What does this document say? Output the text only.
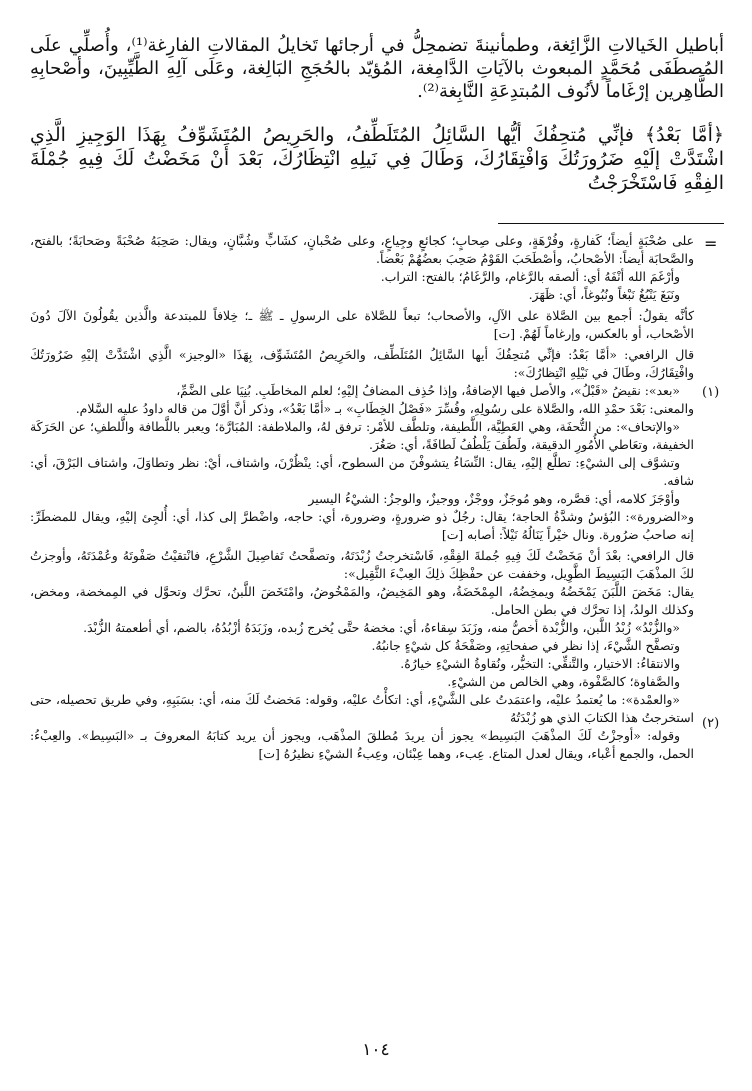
أباطيل الخَيالاتِ الزَّائِغة، وطمأنينةَ تضمحِلُّ في أرجائها تَخايلُ المقالاتِ الفارِغة⁽¹⁾، وأُصلِّي علَى المُصطَفَى مُحَمَّدٍ المبعوث بالآيَاتِ الدَّامِغة، المُؤيّد بالحُجَجِ البَالِغة، وعَلَى آلِهِ الطَّيِّبِينَ، وأصْحابِهِ الطَّاهِرين إرْغَاماً لأنُوف المُبتدِعَةِ النَّابِغة⁽²⁾.

﴿أمَّا بَعْدُ﴾ فإنِّي مُتحِفُكَ أيُّها السَّائِلُ المُتَلَطِّفُ، والحَرِيصُ المُتَشَوِّفُ بِهَذَا الوَجِيزِ الَّذِي اشْتَدَّتْ إلَيْهِ ضَرُورَتُكَ وَافْتِقَارُكَ، وَطَالَ فِي نَيلِهِ انْتِظَارُكَ، بَعْدَ أَنْ مَخَضْتُ لَكَ فِيهِ جُمْلَةَ الفِقْهِ فَاسْتَخْرَجْتُ

=
(١)
(٢)

على صُحْبَةٍ أيضاً؛ كَفارةٍ، وفُرْهَةٍ، وعلى صِحابٍ؛ كجائعٍ وجِياعٍ، وعلى صُحْبانٍ، كشَابٍّ وشُبَّانٍ، ويقال: صَحِبَهُ صُحْبَةً وصَحابَةً؛ بالفتح، والصَّحابَة أيضاً: الأصْحابُ، وأصْطَحَبَ القَوْمُ صَحِبَ بعضُهُمْ بَعْضاً.

وأرْغَمَ الله أنْفَهُ أي: ألصقه بالرَّغام، والرَّغَامُ؛ بالفتح: التراب.

ونَبَغَ يَنْبُغُ نَبْغاً ونُبُوغاً، أي: ظَهَرَ.

كأنَّه يقولُ: أجمع بين الصَّلاة على الآلِ، والأصحاب؛ تبعاً للصَّلاة على الرسولِ ـ ﷺ ـ؛ خِلافاً للمبتدعة والَّذين يقُولُونَ الآلَ دُونَ الأصْحاب، أو بالعكس، وإرغاماً لَهُمْ. [ت]

قال الرافعي: «أمَّا بَعْدُ: فإنِّي مُتحِفُكَ أيها السَّائِلُ المُتَلَطِّف، والحَرِيصُ المُتَشَوِّف، بِهَذَا «الوجيز» الَّذِي اشْتَدَّتْ إليْهِ ضَرُورَتُكَ وافْتِقَارُكَ، وطَالَ في نَيْلِهِ انْتِظارُكَ»:

«بعد»: نقيضُ «قَبْلُ»، والأصل فيها الإضافةُ، وإذا حُذِف المضافُ إليْهِ؛ لعلم المخاطَبِ. بُنِيَا على الضَّمِّ،

والمعنى: بَعْدَ حمْدِ الله، والصَّلاة على رسُولِهِ، وفُسِّرَ «فَصْلُ الخِطَابِ» بـ «أمَّا بَعْدُ»، وذكر أنَّ أوَّلَ من قاله داودُ عليه السَّلام.

«والإتحاف»: من التُّحفَة، وهي العَطِيَّة، اللَّطيفة، وتلطَّف للأمْر: ترفق لهُ، والملاطفة: المُبَارَّة؛ ويعبر باللَّطافة والَّلطفِ؛ عن الحَرَكَة الخفيفة، وتعَاطي الأُمُورِ الدقيقة، ولَطُفَ يَلْطُفُ لَطافَةً، أي: صَغُرَ.

وتشوَّف إلى الشيْءِ: تطلَّع إليْهِ، يقال: النِّسَاءُ يتشوفْنَ من السطوح، أي: ينْظُرْنَ، واشتاف، أيْ: نظر وتطاوَلَ، واشتاف البَرْقَ، أي: شافه.

وأوْجَزَ كلامه، أي: قصَّره، وهو مُوجَزٌ، ووجْزٌ، ووجيزٌ، والوجزُ: الشيْءُ اليسير

و«الضرورة»: البُؤسُ وشدَّةُ الحاجة؛ يقال: رجُلٌ ذو ضرورةٍ، وضرورة، أي: حاجه، واضْطرَّ إلى كذا، أي: أُلجِئ إليْهِ، ويقال للمضطَرِّ: إنه صاحبُ ضرُورة. ونال خيْراً يَنَالُهُ نَيْلاً: أصابه [ت]

قال الرافعي: بعْدَ أنْ مَخَضْتُ لَكَ فِيهِ جُملةَ الفِقْهِ، فَاسْتخرجتُ زُبْدَتَهُ، وتصفَّحتُ تَفاصِيلَ الشَّرْعِ، فانْتقيْتُ صَفْوتَهُ وعُمْدَتَهُ، وأوجزتُ لكَ المذْهَبَ البَسِيطَ الطَّوِيل، وخففت عن حفْظِكَ ذلِكَ العِبْءَ الثَّقِيل»:

يقال: مَخَضَ اللَّبَنَ يَمْخَضُهُ ويمخِضُهُ، المِمْخَضَةُ، وهو المَخِيضُ، والمَمْخُوضُ، وامْتَخَضَ اللَّبنُ، تحرَّك وتحوَّل في المِمخضة، ومخض، وكذلك الولدُ، إذا تحرَّك في بطن الحامل.

«والزُّبْدُ» زُبْدُ اللَّبن، والزُّبْدة أخصُّ منه، وزَبَدَ سِقاءهُ، أي: مخضهُ حتَّى يُخرج زُبده، وزَبَدَهُ أزْبُدُهُ، بالضم، أي أطعمتهُ الزُّبْدَ.

وتصفَّح الشَّيْءَ، إذا نظر في صفحاتِهِ، وصَفْحَةُ كل شيْءٍ جانبُهُ.

والانتقاءُ: الاختيار، والتَّنقِّي: التخيُّر، ونُقاوةُ الشيْءِ خيارُهُ.

والصَّفاوة؛ كالصَّفْوة، وهي الخالص من الشيْءِ.

«والعمْدة»: ما يُعتمدُ عليْه، واعتمَدتُ على الشَّيْءِ، أي: اتكأْتُ عليْه، وقوله: مَخضتُ لَكَ منه، أي: بسَبَبِهِ، وفي طريق تحصيله، حتى استخرجتُ هذا الكتابَ الذي هو زُبْدَتُهُ

وقوله: «أوجزْتُ لَكَ المذْهَبَ البَسِيط» يجوز أن يريدَ مُطلقَ المذْهَب، ويجوز أن يريد كتابَهُ المعروفَ بـ «البَسِيط». والعِبْءُ: الحمل، والجمع أعْباء، ويقال لعدل المتاع. عِبء، وهما عِبْئان، وعِبءُ الشيْءِ نظيرُهُ [ت]

١٠٤
